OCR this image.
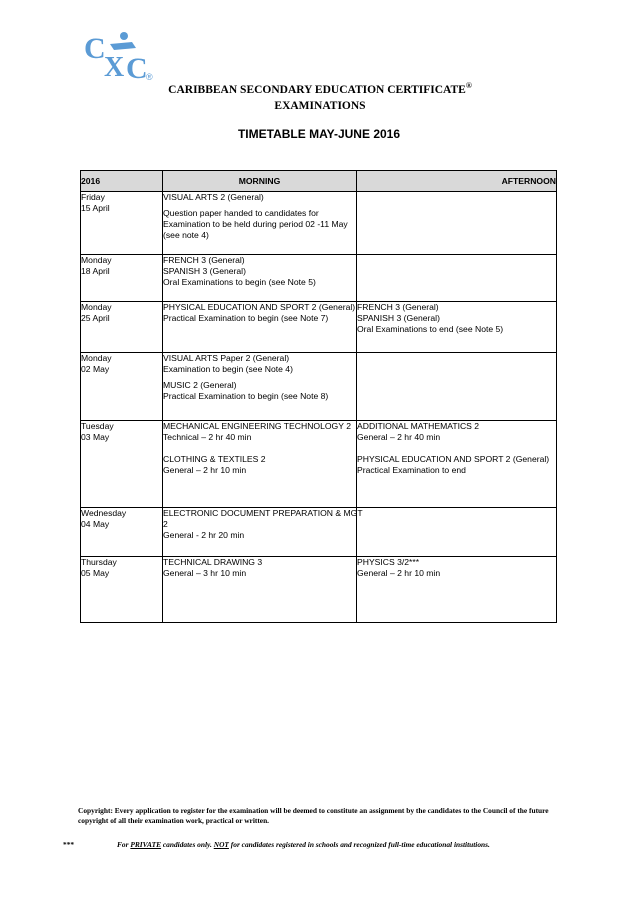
C
X C
®
CARIBBEAN SECONDARY EDUCATION CERTIFICATE®
EXAMINATIONS
TIMETABLE MAY-JUNE 2016
2016	MORNING	AFTERNOON

Friday
15 April	VISUAL ARTS 2 (General)
Question paper handed to candidates for
Examination to be held during period 02 -11 May
(see note 4)	

Monday
18 April	FRENCH 3 (General)
SPANISH 3 (General)
Oral Examinations to begin (see Note 5)	

Monday
25 April	PHYSICAL EDUCATION AND SPORT 2 (General)
Practical Examination to begin (see Note 7)	FRENCH 3 (General)
SPANISH 3 (General)
Oral Examinations to end (see Note 5)

Monday
02 May	VISUAL ARTS Paper 2 (General)
Examination to begin (see Note 4)
MUSIC 2 (General)
Practical Examination to begin (see Note 8)	

Tuesday
03 May	MECHANICAL ENGINEERING TECHNOLOGY 2
Technical – 2 hr 40 min
CLOTHING & TEXTILES 2
General – 2 hr 10 min	ADDITIONAL MATHEMATICS 2
General – 2 hr 40 min
PHYSICAL EDUCATION AND SPORT 2 (General)
Practical Examination to end

Wednesday
04 May	ELECTRONIC DOCUMENT PREPARATION & MGT
2
General - 2 hr 20 min	

Thursday
05 May	TECHNICAL DRAWING 3
General – 3 hr 10 min	PHYSICS 3/2***
General – 2 hr 10 min
Copyright: Every application to register for the examination will be deemed to constitute an assignment by the candidates to the Council of the future copyright of all their examination work, practical or written.
***	For PRIVATE candidates only. NOT for candidates registered in schools and recognized full-time educational institutions.
